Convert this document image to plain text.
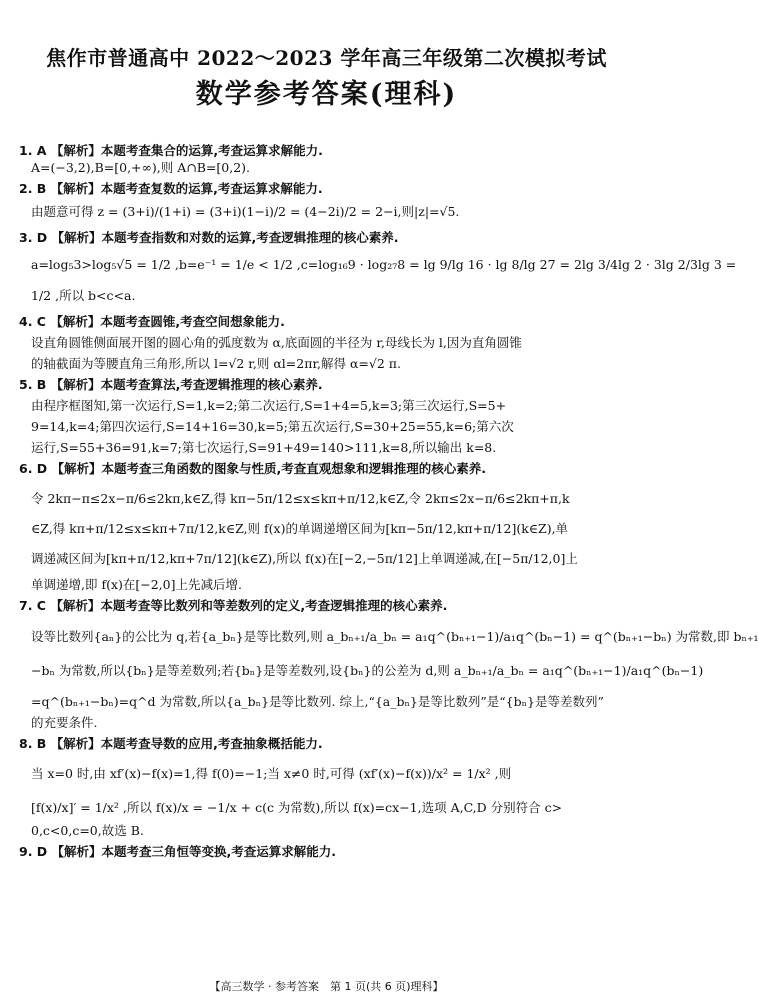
焦作市普通高中 2022～2023 学年高三年级第二次模拟考试
数学参考答案(理科)
1. A 【解析】本题考查集合的运算,考查运算求解能力.
A=(−3,2),B=[0,+∞),则 A∩B=[0,2).
2. B 【解析】本题考查复数的运算,考查运算求解能力.
由题意可得 z = (3+i)/(1+i) = (3+i)(1−i)/2 = (4−2i)/2 = 2−i,则|z|=√5.
3. D 【解析】本题考查指数和对数的运算,考查逻辑推理的核心素养.
a=log₅3>log₅√5 = 1/2 ,b=e⁻¹ = 1/e < 1/2 ,c=log₁₆9 · log₂₇8 = lg 9/lg 16 · lg 8/lg 27 = 2lg 3/4lg 2 · 3lg 2/3lg 3 =
1/2 ,所以 b<c<a.
4. C 【解析】本题考查圆锥,考查空间想象能力.
设直角圆锥侧面展开图的圆心角的弧度数为 α,底面圆的半径为 r,母线长为 l,因为直角圆锥
的轴截面为等腰直角三角形,所以 l=√2 r,则 αl=2πr,解得 α=√2 π.
5. B 【解析】本题考查算法,考查逻辑推理的核心素养.
由程序框图知,第一次运行,S=1,k=2;第二次运行,S=1+4=5,k=3;第三次运行,S=5+
9=14,k=4;第四次运行,S=14+16=30,k=5;第五次运行,S=30+25=55,k=6;第六次
运行,S=55+36=91,k=7;第七次运行,S=91+49=140>111,k=8,所以输出 k=8.
6. D 【解析】本题考查三角函数的图象与性质,考查直观想象和逻辑推理的核心素养.
令 2kπ−π≤2x−π/6≤2kπ,k∈Z,得 kπ−5π/12≤x≤kπ+π/12,k∈Z,令 2kπ≤2x−π/6≤2kπ+π,k
∈Z,得 kπ+π/12≤x≤kπ+7π/12,k∈Z,则 f(x)的单调递增区间为[kπ−5π/12,kπ+π/12](k∈Z),单
调递减区间为[kπ+π/12,kπ+7π/12](k∈Z),所以 f(x)在[−2,−5π/12]上单调递减,在[−5π/12,0]上
单调递增,即 f(x)在[−2,0]上先减后增.
7. C 【解析】本题考查等比数列和等差数列的定义,考查逻辑推理的核心素养.
设等比数列{aₙ}的公比为 q,若{a_bₙ}是等比数列,则 a_bₙ₊₁/a_bₙ = a₁q^(bₙ₊₁−1)/a₁q^(bₙ−1) = q^(bₙ₊₁−bₙ) 为常数,即 bₙ₊₁
−bₙ 为常数,所以{bₙ}是等差数列;若{bₙ}是等差数列,设{bₙ}的公差为 d,则 a_bₙ₊₁/a_bₙ = a₁q^(bₙ₊₁−1)/a₁q^(bₙ−1)
=q^(bₙ₊₁−bₙ)=q^d 为常数,所以{a_bₙ}是等比数列. 综上,“{a_bₙ}是等比数列”是“{bₙ}是等差数列”
的充要条件.
8. B 【解析】本题考查导数的应用,考查抽象概括能力.
当 x=0 时,由 xf′(x)−f(x)=1,得 f(0)=−1;当 x≠0 时,可得 (xf′(x)−f(x))/x² = 1/x² ,则
[f(x)/x]′ = 1/x² ,所以 f(x)/x = −1/x + c(c 为常数),所以 f(x)=cx−1,选项 A,C,D 分别符合 c>
0,c<0,c=0,故选 B.
9. D 【解析】本题考查三角恒等变换,考查运算求解能力.
【高三数学 · 参考答案　第 1 页(共 6 页)理科】
